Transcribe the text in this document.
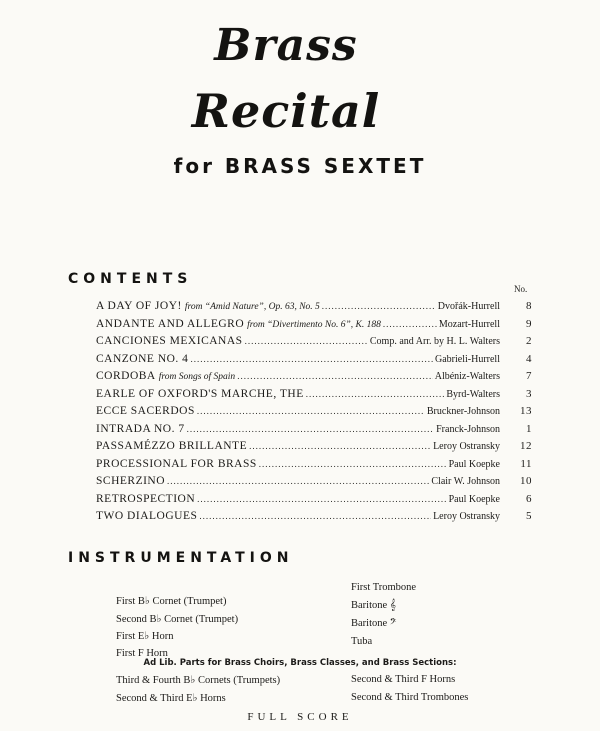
Brass
Recital
for BRASS SEXTET
CONTENTS
No.
A DAY OF JOY! from “Amid Nature”, Op. 63, No. 5 .....	Dvořák-Hurrell	8
ANDANTE AND ALLEGRO from “Divertimento No. 6”, K. 188 .....	Mozart-Hurrell	9
CANCIONES MEXICANAS .....	Comp. and Arr. by H. L. Walters	2
CANZONE NO. 4 .....	Gabrieli-Hurrell	4
CORDOBA from Songs of Spain .....	Albéniz-Walters	7
EARLE OF OXFORD'S MARCHE, THE .....	Byrd-Walters	3
ECCE SACERDOS .....	Bruckner-Johnson	13
INTRADA NO. 7 .....	Franck-Johnson	1
PASSAMÉZZO BRILLANTE .....	Leroy Ostransky	12
PROCESSIONAL FOR BRASS .....	Paul Koepke	11
SCHERZINO .....	Clair W. Johnson	10
RETROSPECTION .....	Paul Koepke	6
TWO DIALOGUES .....	Leroy Ostransky	5
INSTRUMENTATION
First B♭ Cornet (Trumpet)
Second B♭ Cornet (Trumpet)
First E♭ Horn
First F Horn
First Trombone
Baritone 𝄞
Baritone 𝄢
Tuba
Ad Lib. Parts for Brass Choirs, Brass Classes, and Brass Sections:
Third & Fourth B♭ Cornets (Trumpets)
Second & Third E♭ Horns
Second & Third F Horns
Second & Third Trombones
FULL SCORE
